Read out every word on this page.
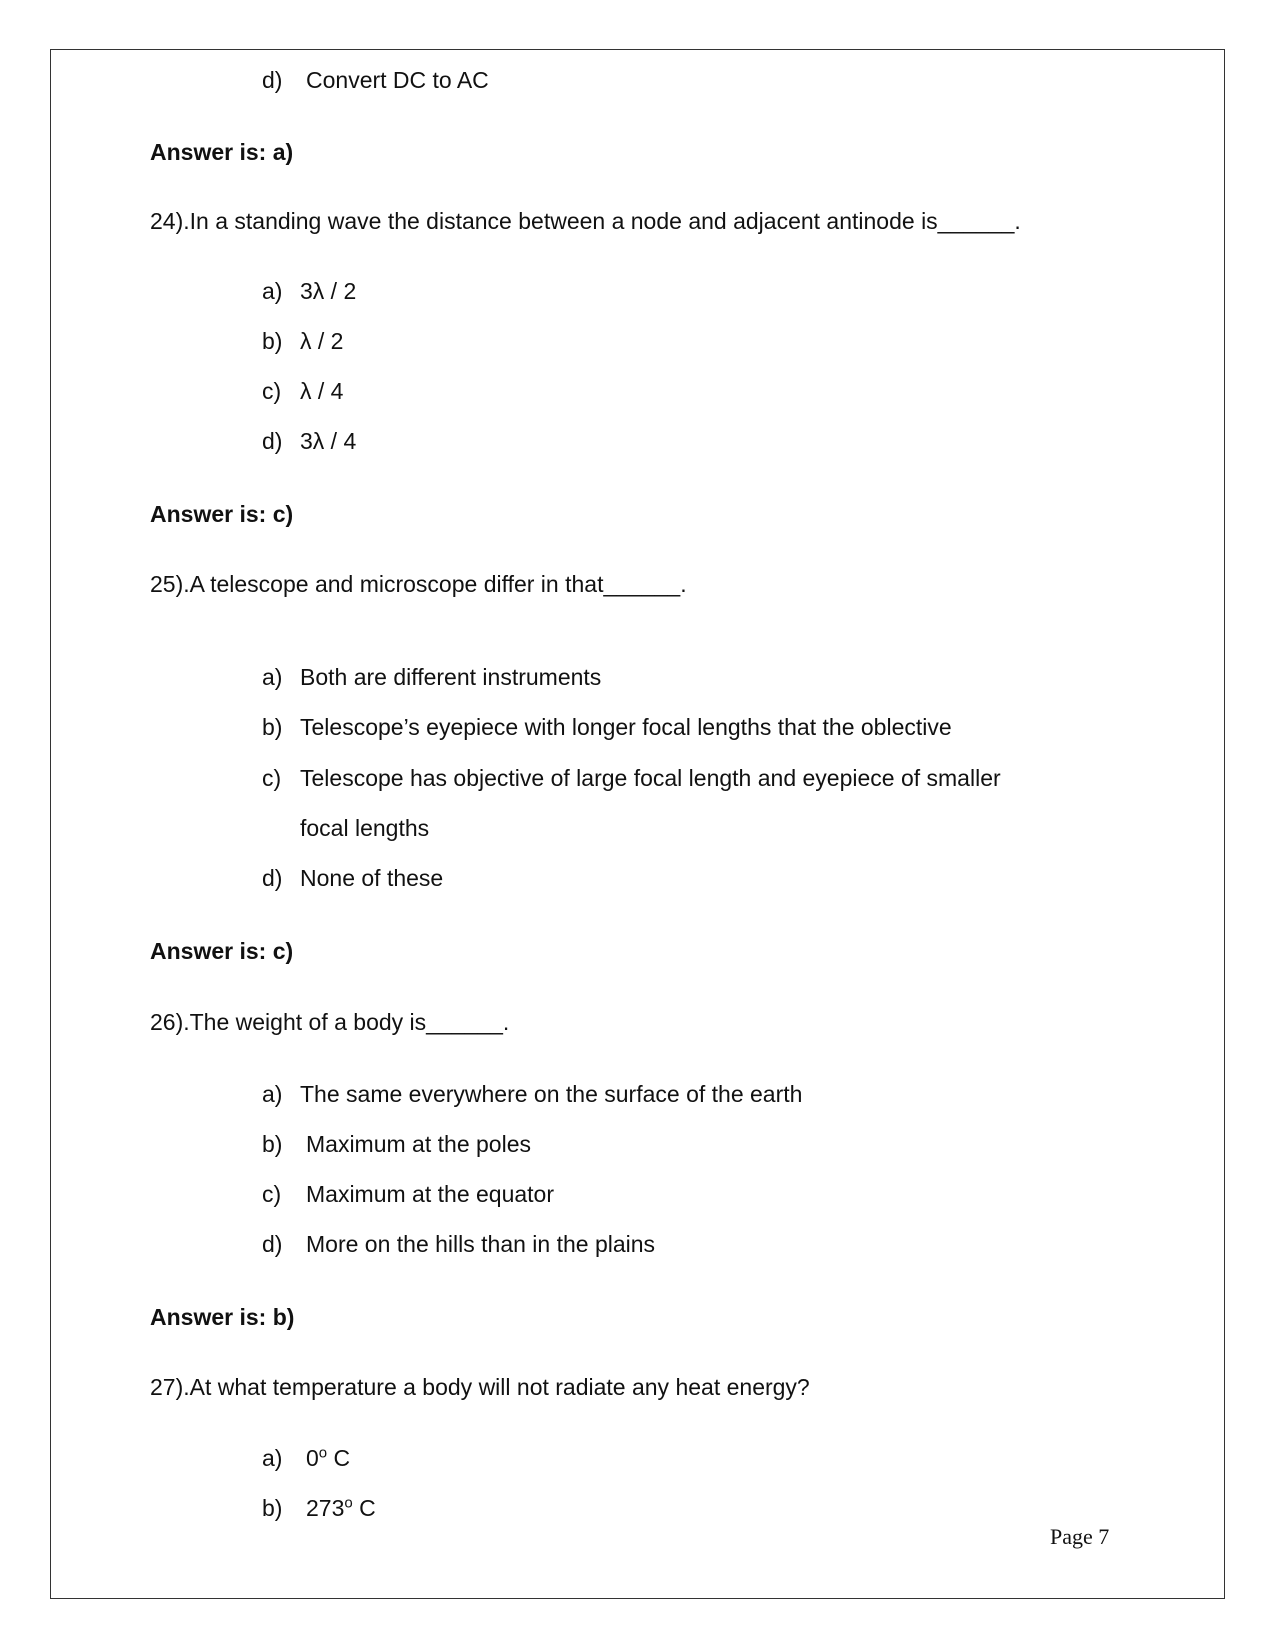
d) Convert DC to AC
Answer is: a)
24).In a standing wave the distance between a node and adjacent antinode is______.
a) 3λ / 2
b) λ / 2
c) λ / 4
d) 3λ / 4
Answer is: c)
25).A telescope and microscope differ in that______.
a) Both are different instruments
b) Telescope’s eyepiece with longer focal lengths that the oblective
c) Telescope has objective of large focal length and eyepiece of smaller
focal lengths
d) None of these
Answer is: c)
26).The weight of a body is______.
a) The same everywhere on the surface of the earth
b) Maximum at the poles
c) Maximum at the equator
d) More on the hills than in the plains
Answer is: b)
27).At what temperature a body will not radiate any heat energy?
a) 0$^o$ C
b) 273$^o$ C
Page 7
